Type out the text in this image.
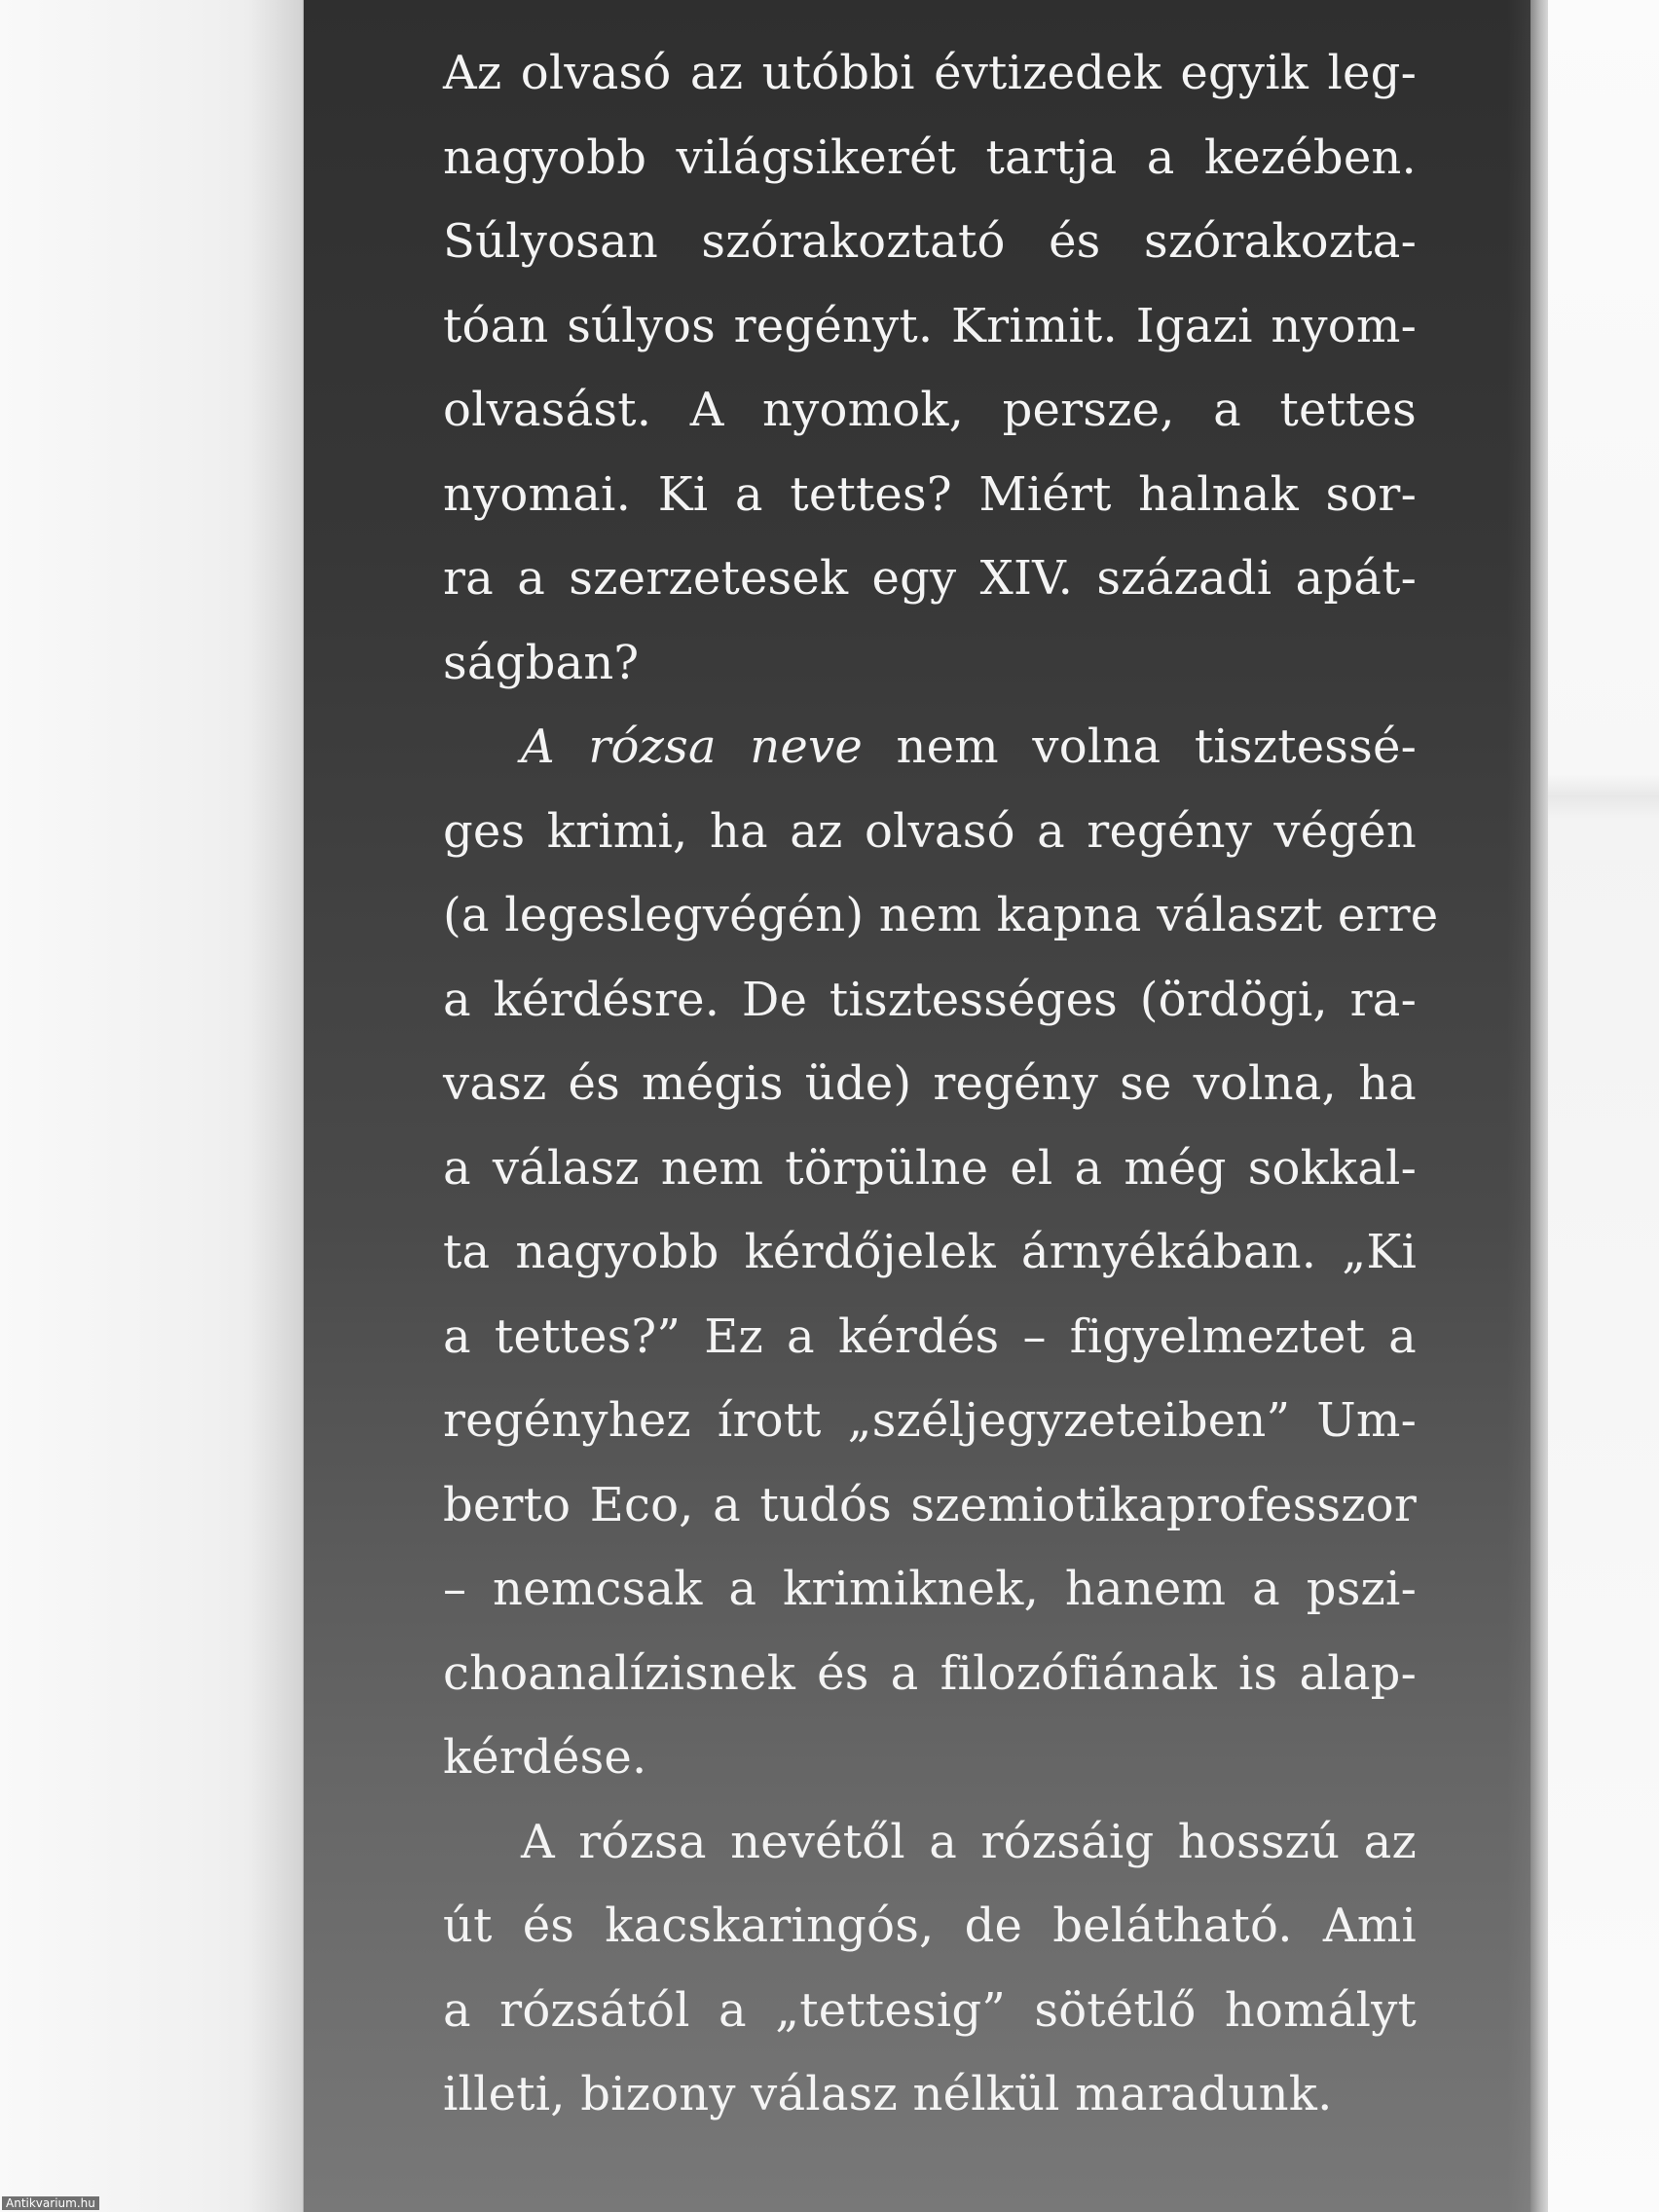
Az olvasó az utóbbi évtizedek egyik leg-
nagyobb világsikerét tartja a kezében.
Súlyosan szórakoztató és szórakozta-
tóan súlyos regényt. Krimit. Igazi nyom-
olvasást. A nyomok, persze, a tettes
nyomai. Ki a tettes? Miért halnak sor-
ra a szerzetesek egy XIV. századi apát-
ságban?
A rózsa neve nem volna tisztessé-
ges krimi, ha az olvasó a regény végén
(a legeslegvégén) nem kapna választ erre
a kérdésre. De tisztességes (ördögi, ra-
vasz és mégis üde) regény se volna, ha
a válasz nem törpülne el a még sokkal-
ta nagyobb kérdőjelek árnyékában. „Ki
a tettes?” Ez a kérdés – figyelmeztet a
regényhez írott „széljegyzeteiben” Um-
berto Eco, a tudós szemiotikaprofesszor
– nemcsak a krimiknek, hanem a pszi-
choanalízisnek és a filozófiának is alap-
kérdése.
A rózsa nevétől a rózsáig hosszú az
út és kacskaringós, de belátható. Ami
a rózsától a „tettesig” sötétlő homályt
illeti, bizony válasz nélkül maradunk.
Antikvarium.hu
